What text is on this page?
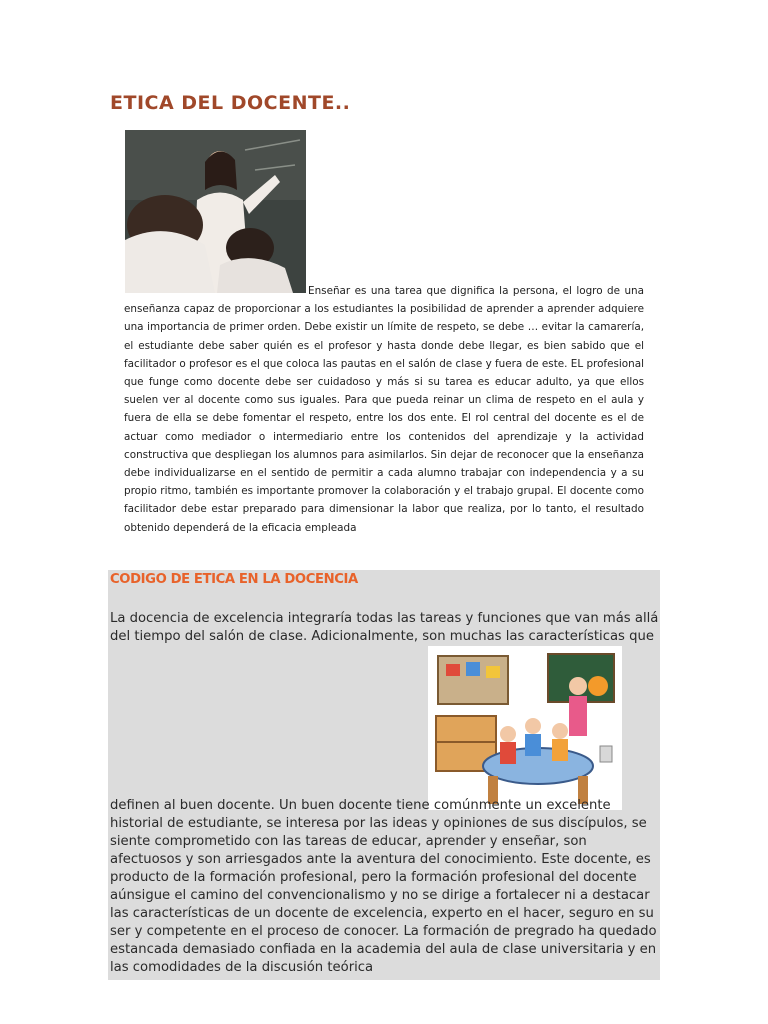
ETICA DEL DOCENTE..
Enseñar es una tarea que dignifica la persona, el logro de una enseñanza capaz de proporcionar a los estudiantes la posibilidad de aprender a aprender adquiere una importancia de primer orden. Debe existir un límite de respeto, se debe … evitar la camarería, el estudiante debe saber quién es el profesor y hasta donde debe llegar, es bien sabido que el facilitador o profesor es el que coloca las pautas en el salón de clase y fuera de este. EL profesional que funge como docente debe ser cuidadoso y más si su tarea es educar adulto, ya que ellos suelen ver al docente como sus iguales. Para que pueda reinar un clima de respeto en el aula y fuera de ella se debe fomentar el respeto, entre los dos ente. El rol central del docente es el de actuar como mediador o intermediario entre los contenidos del aprendizaje y la actividad constructiva que despliegan los alumnos para asimilarlos. Sin dejar de reconocer que la enseñanza debe individualizarse en el sentido de permitir a cada alumno trabajar con independencia y a su propio ritmo, también es importante promover la colaboración y el trabajo grupal. El docente como facilitador debe estar preparado para dimensionar la labor que realiza, por lo tanto, el resultado obtenido dependerá de la eficacia empleada
CODIGO DE ETICA EN LA DOCENCIA
La docencia de excelencia integraría todas las tareas y funciones que van más allá del tiempo del salón de clase. Adicionalmente, son muchas las características que
definen al buen docente. Un buen docente tiene comúnmente un excelente historial de estudiante, se interesa por las ideas y opiniones de sus discípulos, se siente comprometido con las tareas de educar, aprender y enseñar, son afectuosos y son arriesgados ante la aventura del conocimiento. Este docente, es producto de la formación profesional, pero la formación profesional del docente aúnsigue el camino del convencionalismo y no se dirige a fortalecer ni a destacar las características de un docente de excelencia, experto en el hacer, seguro en su ser y competente en el proceso de conocer. La formación de pregrado ha quedado estancada demasiado confiada en la academia del aula de clase universitaria y en las comodidades de la discusión teórica
